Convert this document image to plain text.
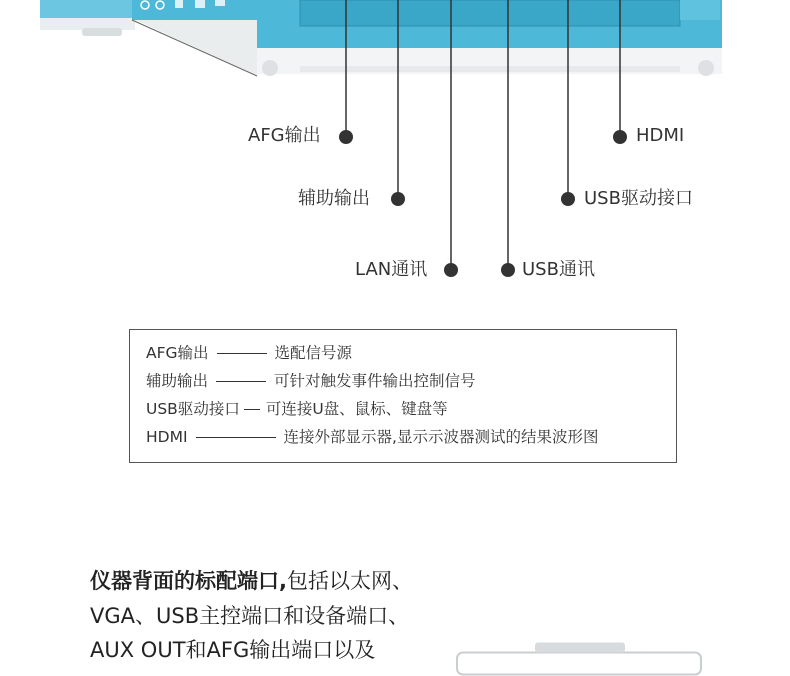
AFG输出	HDMI
辅助输出	USB驱动接口
LAN通讯	USB通讯
AFG输出	选配信号源
辅助输出	可针对触发事件输出控制信号
USB驱动接口 可连接U盘、鼠标、键盘等
HDMI	连接外部显示器,显示示波器测试的结果波形图
仪器背面的标配端口,包括以太网、
VGA、USB主控端口和设备端口、
AUX OUT和AFG输出端口以及
